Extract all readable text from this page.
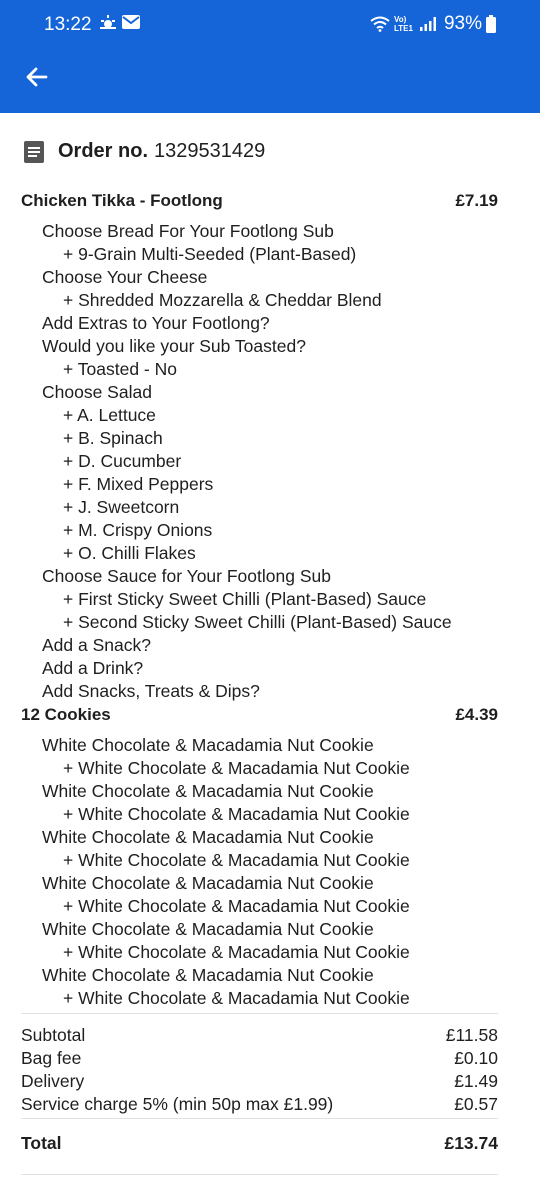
13:22	Vo) LTE1 93%
Order no. 1329531429
Chicken Tikka - Footlong	£7.19
Choose Bread For Your Footlong Sub
+ 9-Grain Multi-Seeded (Plant-Based)
Choose Your Cheese
+ Shredded Mozzarella & Cheddar Blend
Add Extras to Your Footlong?
Would you like your Sub Toasted?
+ Toasted - No
Choose Salad
+ A. Lettuce
+ B. Spinach
+ D. Cucumber
+ F. Mixed Peppers
+ J. Sweetcorn
+ M. Crispy Onions
+ O. Chilli Flakes
Choose Sauce for Your Footlong Sub
+ First Sticky Sweet Chilli (Plant-Based) Sauce
+ Second Sticky Sweet Chilli (Plant-Based) Sauce
Add a Snack?
Add a Drink?
Add Snacks, Treats & Dips?
12 Cookies	£4.39
White Chocolate & Macadamia Nut Cookie
+ White Chocolate & Macadamia Nut Cookie
White Chocolate & Macadamia Nut Cookie
+ White Chocolate & Macadamia Nut Cookie
White Chocolate & Macadamia Nut Cookie
+ White Chocolate & Macadamia Nut Cookie
White Chocolate & Macadamia Nut Cookie
+ White Chocolate & Macadamia Nut Cookie
White Chocolate & Macadamia Nut Cookie
+ White Chocolate & Macadamia Nut Cookie
White Chocolate & Macadamia Nut Cookie
+ White Chocolate & Macadamia Nut Cookie
Subtotal	£11.58
Bag fee	£0.10
Delivery	£1.49
Service charge 5% (min 50p max £1.99)	£0.57
Total	£13.74
